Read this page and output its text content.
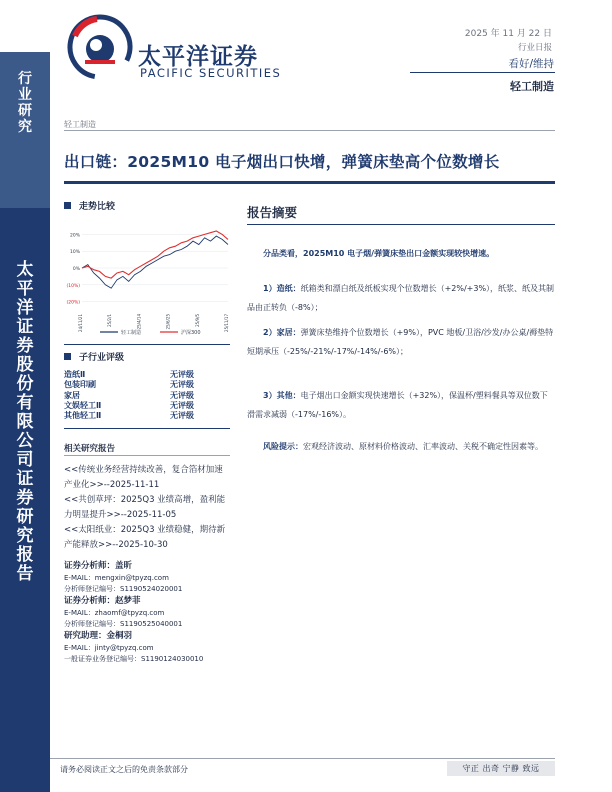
行
业
研
究
太
平
洋
证
券
股
份
有
限
公
司
证
券
研
究
报
告
太平洋证券
PACIFIC SECURITIES
2025 年 11 月 22 日
行业日报
看好/维持
轻工制造
轻工制造
出口链：2025M10 电子烟出口快增，弹簧床垫高个位数增长
走势比较
20%
10%
0%
(10%)
(20%)
24/11/21	25/2/1	25/4/14	25/6/25	25/9/5	25/11/17
轻工制造	沪深300
子行业评级
造纸Ⅱ	无评级
包装印刷	无评级
家居	无评级
文娱轻工Ⅱ	无评级
其他轻工Ⅱ	无评级
相关研究报告
<<传统业务经营持续改善，复合箔材加速产业化>>--2025-11-11
<<共创草坪：2025Q3 业绩高增，盈利能力明显提升>>--2025-11-05
<<太阳纸业：2025Q3 业绩稳健，期待新产能释放>>--2025-10-30
证券分析师：盖昕
E-MAIL：mengxin@tpyzq.com
分析师登记编号：S1190524020001
证券分析师：赵梦菲
E-MAIL：zhaomf@tpyzq.com
分析师登记编号：S1190525040001
研究助理：金桐羽
E-MAIL：jinty@tpyzq.com
一般证券业务登记编号：S1190124030010
报告摘要
分品类看，2025M10 电子烟/弹簧床垫出口金额实现较快增速。
1）造纸：纸箱类和漂白纸及纸板实现个位数增长（+2%/+3%），纸浆、纸及其制品由正转负（-8%）；
2）家居：弹簧床垫维持个位数增长（+9%），PVC 地板/卫浴/沙发/办公桌/褥垫特短期承压（-25%/-21%/-17%/-14%/-6%）；
3）其他：电子烟出口金额实现快速增长（+32%），保温杯/塑料餐具等双位数下滑需求减弱（-17%/-16%）。
风险提示：宏观经济波动、原材料价格波动、汇率波动、关税不确定性因素等。
请务必阅读正文之后的免责条款部分	守正 出奇 宁静 致远
